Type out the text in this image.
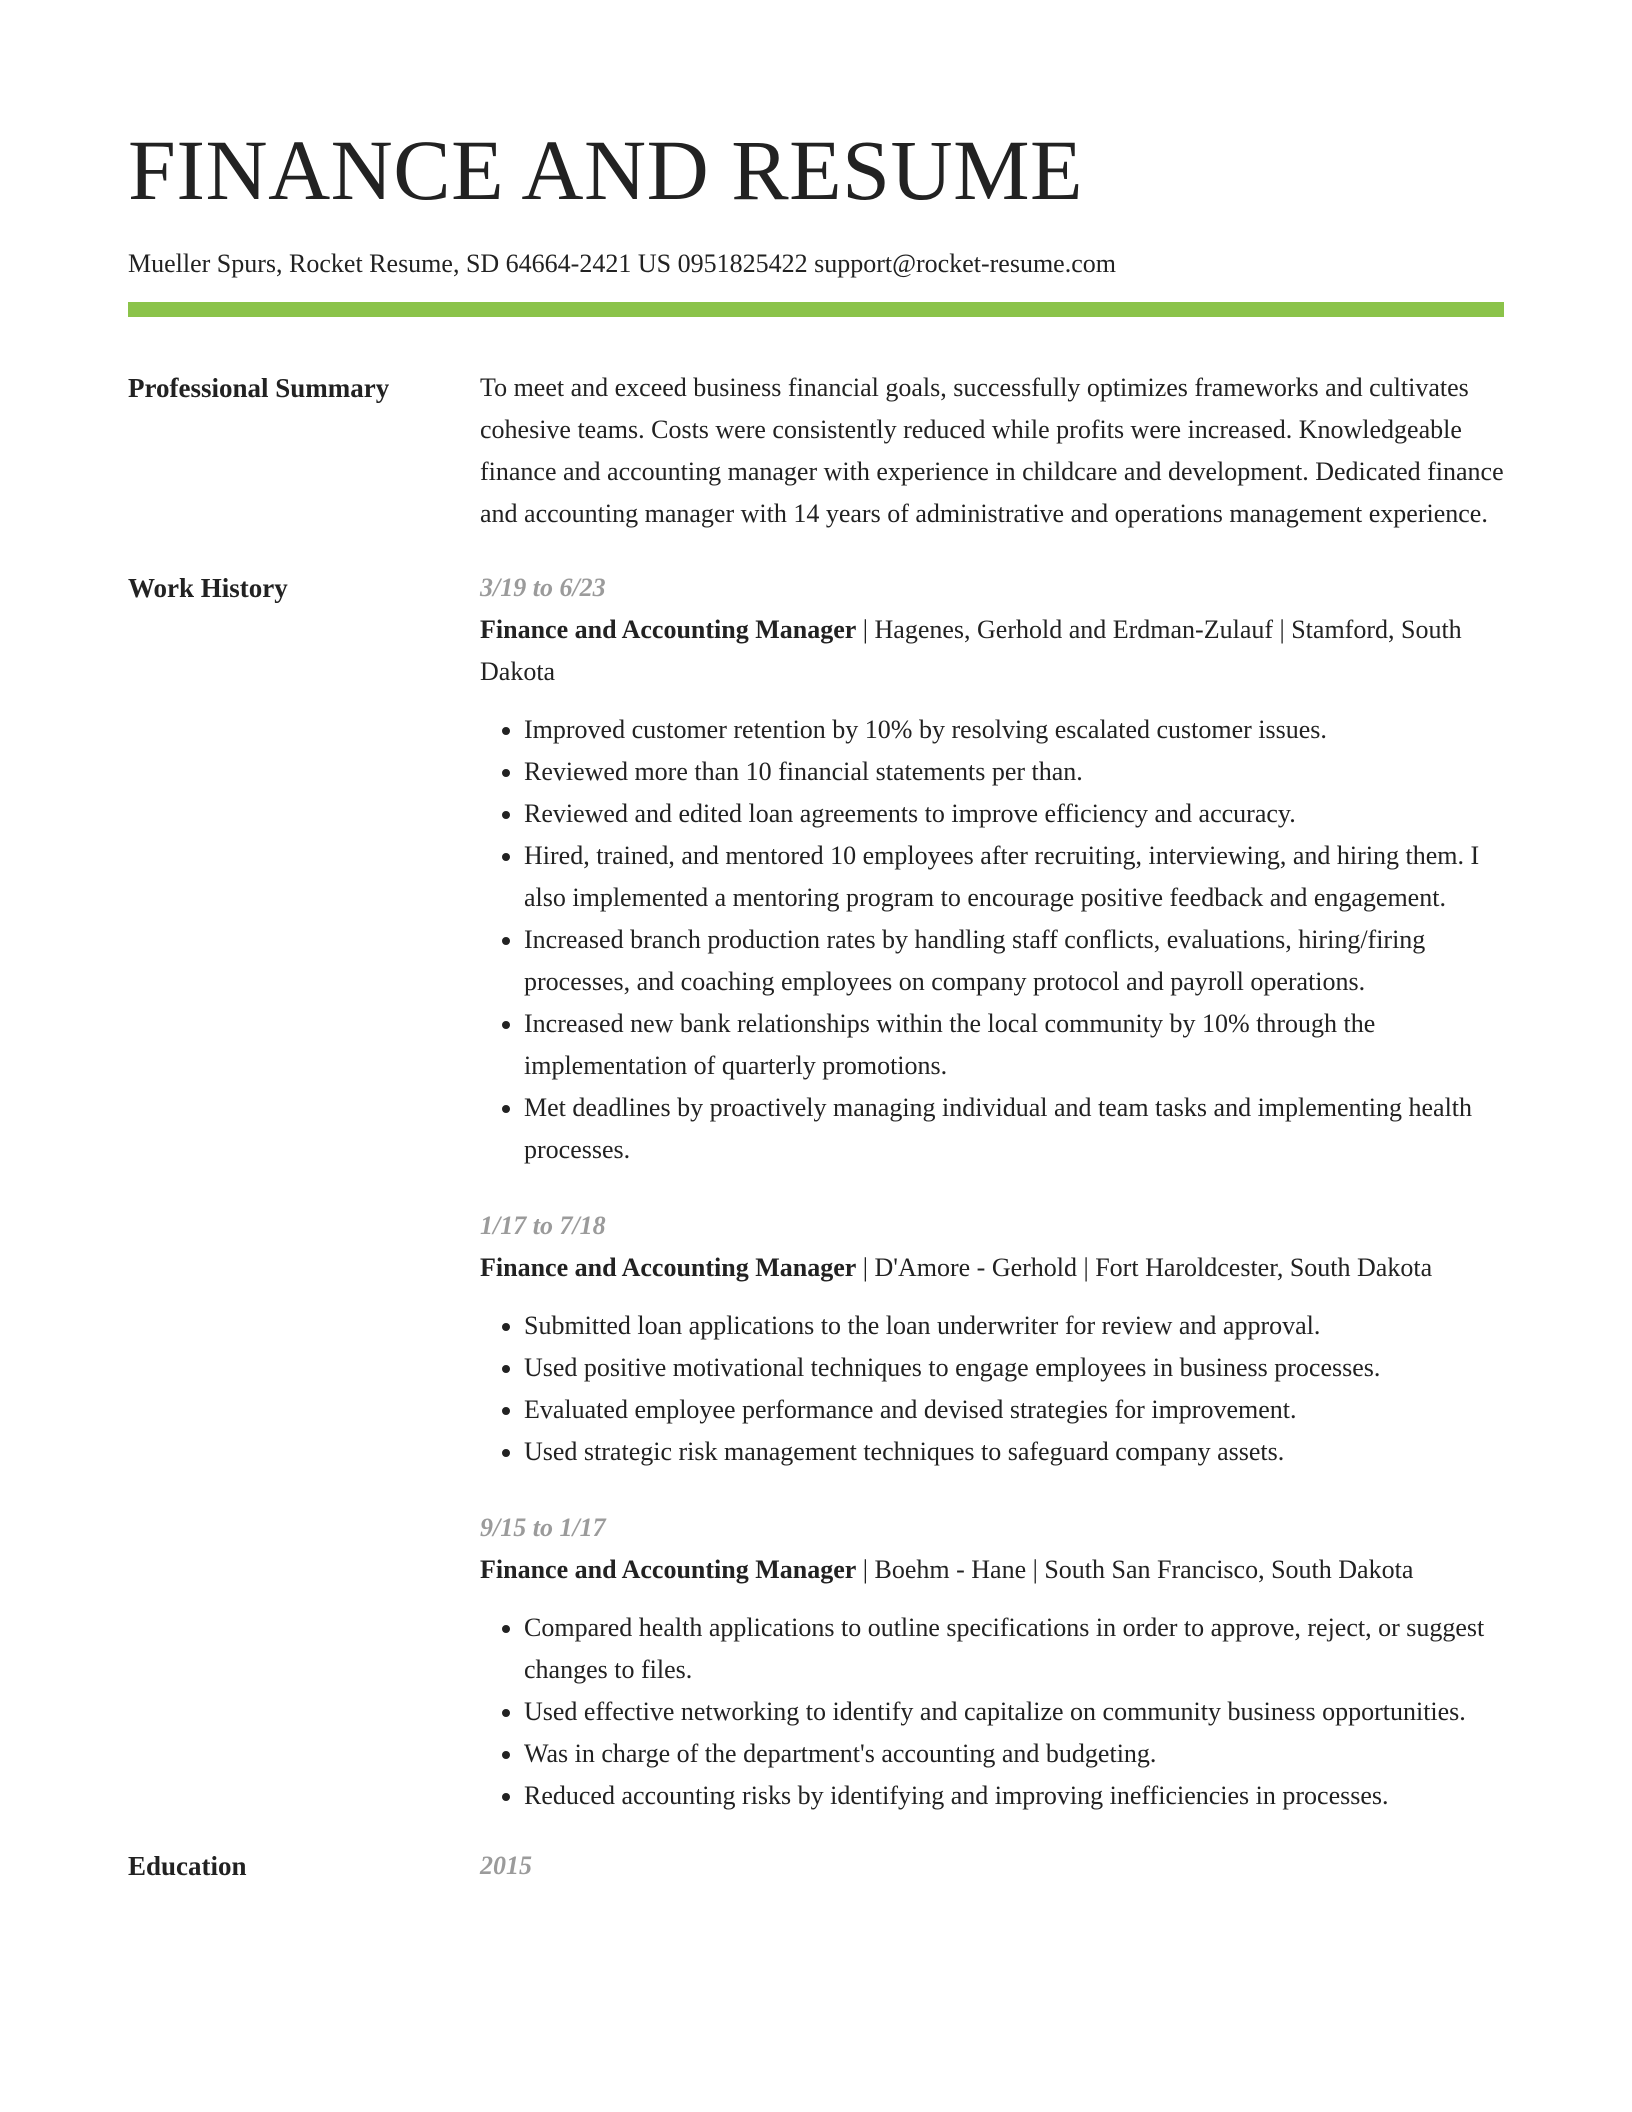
FINANCE AND RESUME
Mueller Spurs, Rocket Resume, SD 64664-2421 US 0951825422 support@rocket-resume.com
Professional Summary	To meet and exceed business financial goals, successfully optimizes frameworks and cultivates cohesive teams. Costs were consistently reduced while profits were increased. Knowledgeable finance and accounting manager with experience in childcare and development. Dedicated finance and accounting manager with 14 years of administrative and operations management experience.
Work History	3/19 to 6/23
Finance and Accounting Manager | Hagenes, Gerhold and Erdman-Zulauf | Stamford, South Dakota
• Improved customer retention by 10% by resolving escalated customer issues.
• Reviewed more than 10 financial statements per than.
• Reviewed and edited loan agreements to improve efficiency and accuracy.
• Hired, trained, and mentored 10 employees after recruiting, interviewing, and hiring them. I also implemented a mentoring program to encourage positive feedback and engagement.
• Increased branch production rates by handling staff conflicts, evaluations, hiring/firing processes, and coaching employees on company protocol and payroll operations.
• Increased new bank relationships within the local community by 10% through the implementation of quarterly promotions.
• Met deadlines by proactively managing individual and team tasks and implementing health processes.
1/17 to 7/18
Finance and Accounting Manager | D'Amore - Gerhold | Fort Haroldcester, South Dakota
• Submitted loan applications to the loan underwriter for review and approval.
• Used positive motivational techniques to engage employees in business processes.
• Evaluated employee performance and devised strategies for improvement.
• Used strategic risk management techniques to safeguard company assets.
9/15 to 1/17
Finance and Accounting Manager | Boehm - Hane | South San Francisco, South Dakota
• Compared health applications to outline specifications in order to approve, reject, or suggest changes to files.
• Used effective networking to identify and capitalize on community business opportunities.
• Was in charge of the department's accounting and budgeting.
• Reduced accounting risks by identifying and improving inefficiencies in processes.
Education	2015
